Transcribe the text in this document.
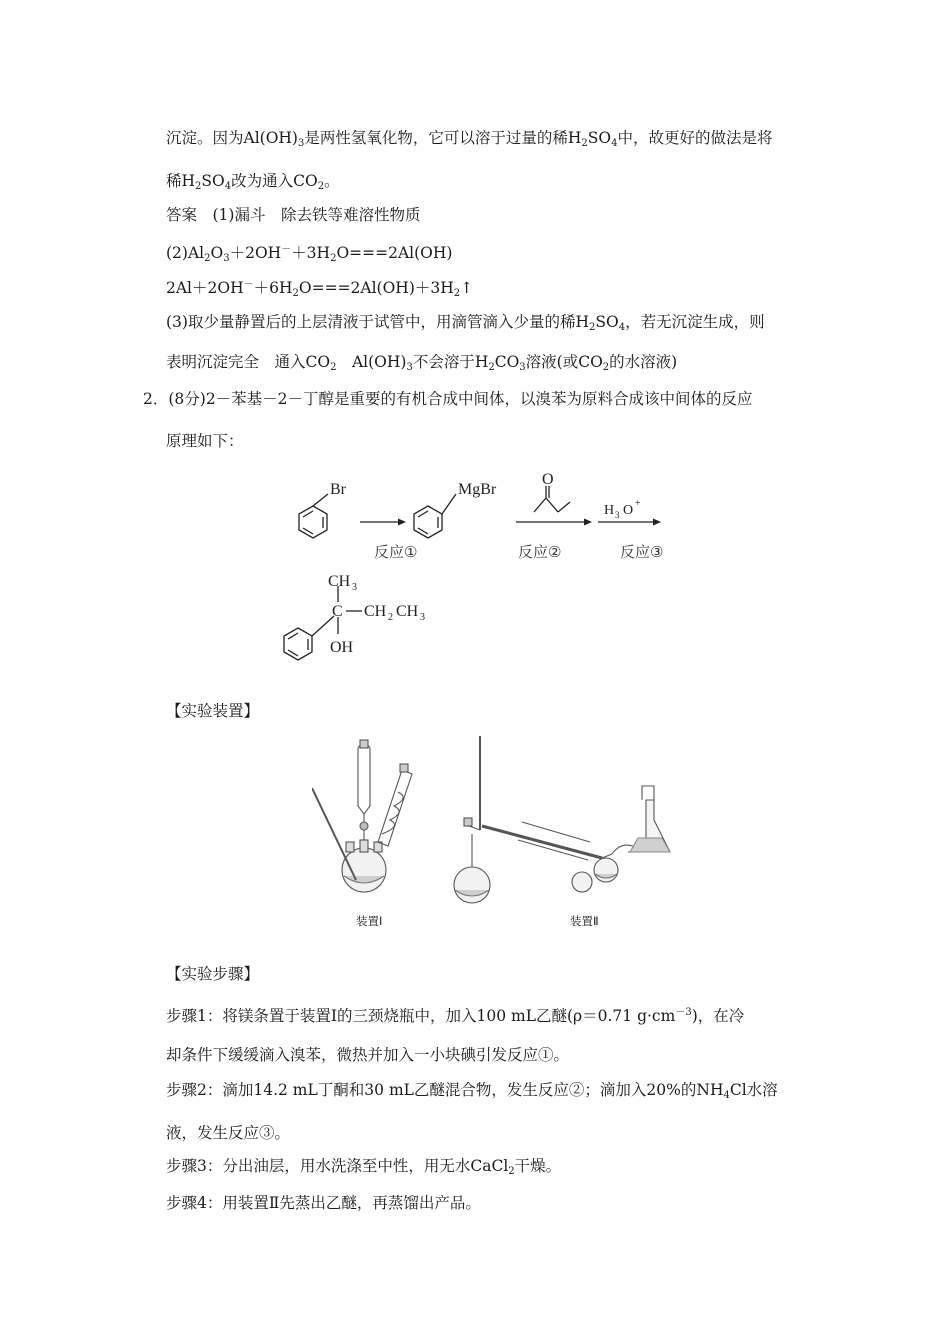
沉淀。因为$Al(OH)_3$是两性氢氧化物，它可以溶于过量的稀$H_2SO_4$中，故更好的做法是将
稀$H_2SO_4$改为通入$CO_2$。
答案　(1)漏斗　除去铁等难溶性物质
$(2)Al_2O_3+2OH^-+3H_2O===2Al(OH)$
$2Al+2OH^-+6H_2O===2Al(OH)+3H_2↑$
(3)取少量静置后的上层清液于试管中，用滴管滴入少量的稀$H_2SO_4$，若无沉淀生成，则
表明沉淀完全　通入$CO_2$　$Al(OH)_3$不会溶于$H_2CO_3$溶液(或$CO_2$的水溶液)
2．(8分)2－苯基－2－丁醇是重要的有机合成中间体，以溴苯为原料合成该中间体的反应
原理如下：
Br	MgBr
O
H 3 O +
CH 3
C CH 2 CH 3
OH
反应①	反应②	反应③
【实验装置】
装置Ⅰ	装置Ⅱ
【实验步骤】
步骤1：将镁条置于装置Ⅰ的三颈烧瓶中，加入100 mL乙醚(ρ＝0.71 $g\cdot cm^{-3}$)，在冷
却条件下缓缓滴入溴苯，微热并加入一小块碘引发反应①。
步骤2：滴加14.2 mL丁酮和30 mL乙醚混合物，发生反应②；滴加入20%的$NH_4Cl$水溶
液，发生反应③。
步骤3：分出油层，用水洗涤至中性，用无水CaCl$_2$干燥。
步骤4：用装置Ⅱ先蒸出乙醚，再蒸馏出产品。
